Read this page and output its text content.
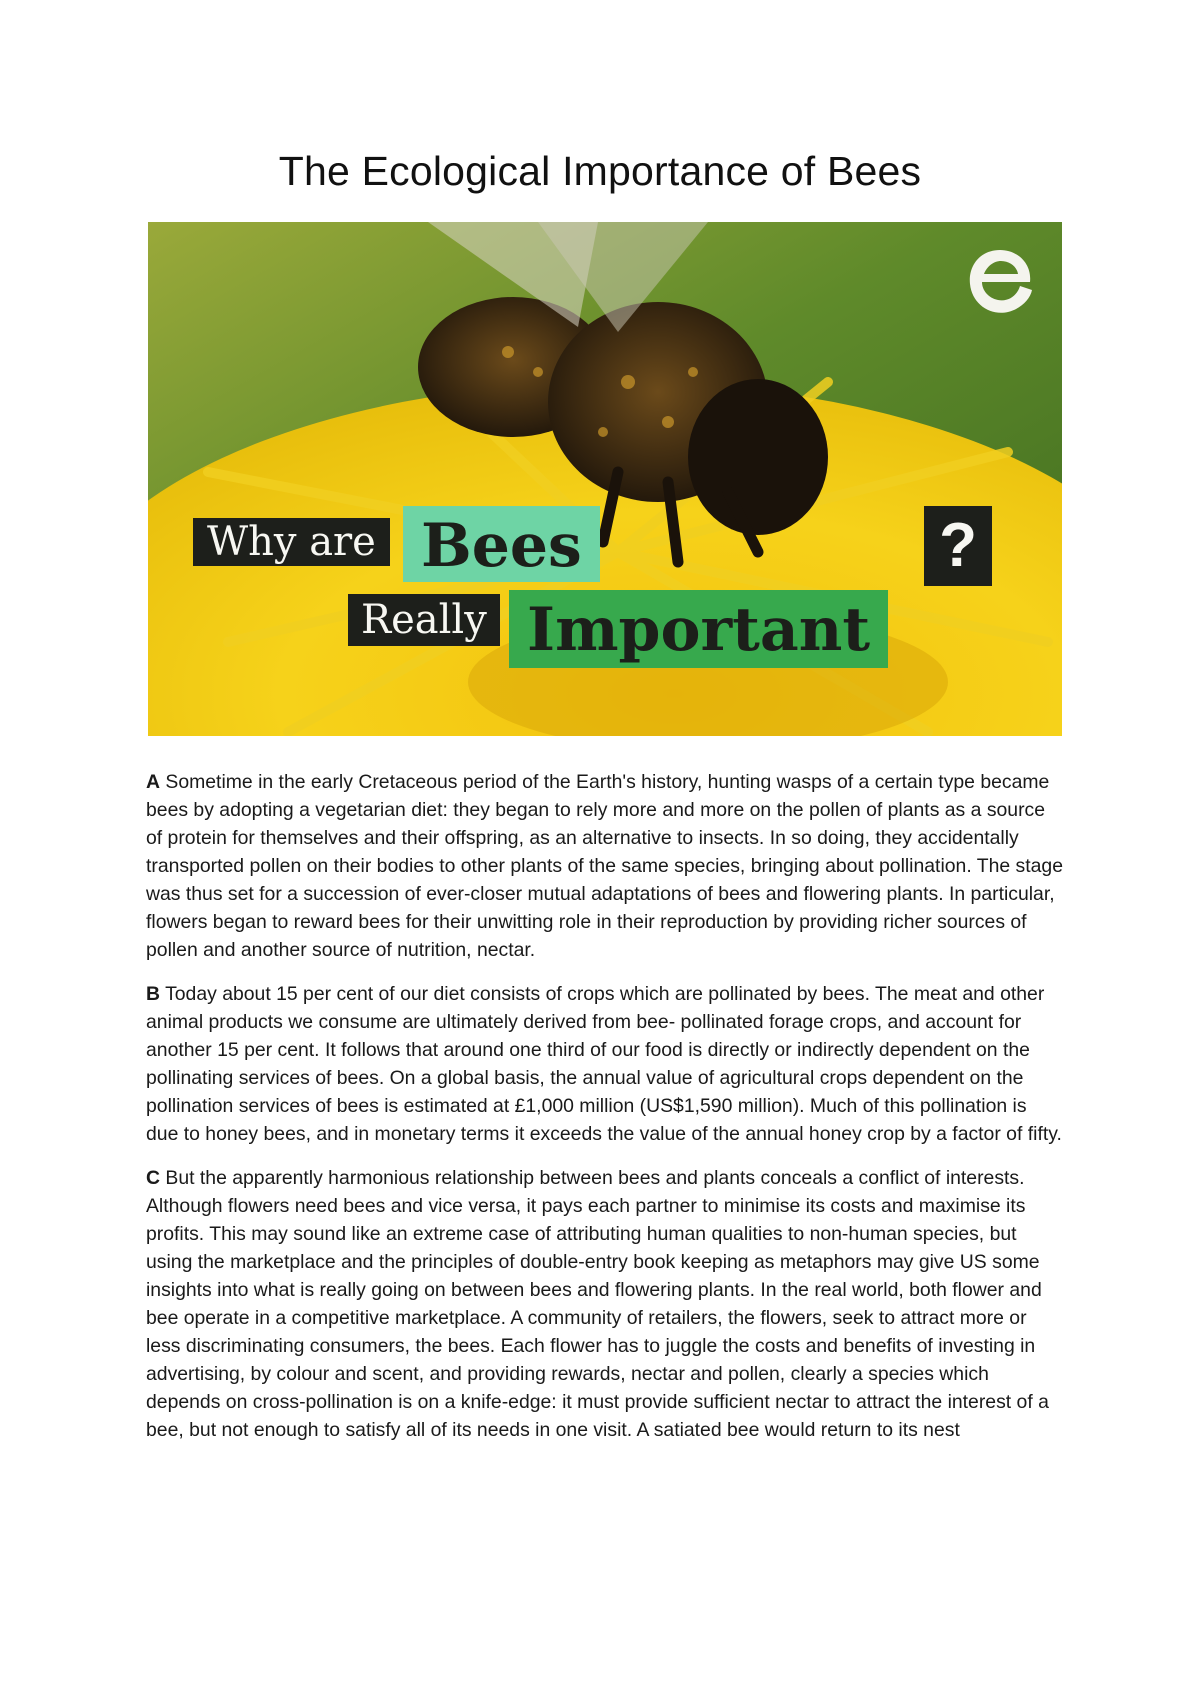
The Ecological Importance of Bees
Why are Bees
Really Important
?

A Sometime in the early Cretaceous period of the Earth's history, hunting wasps of a certain type became bees by adopting a vegetarian diet: they began to rely more and more on the pollen of plants as a source of protein for themselves and their offspring, as an alternative to insects. In so doing, they accidentally transported pollen on their bodies to other plants of the same species, bringing about pollination. The stage was thus set for a succession of ever-closer mutual adaptations of bees and flowering plants. In particular, flowers began to reward bees for their unwitting role in their reproduction by providing richer sources of pollen and another source of nutrition, nectar.

B Today about 15 per cent of our diet consists of crops which are pollinated by bees. The meat and other animal products we consume are ultimately derived from bee- pollinated forage crops, and account for another 15 per cent. It follows that around one third of our food is directly or indirectly dependent on the pollinating services of bees. On a global basis, the annual value of agricultural crops dependent on the pollination services of bees is estimated at £1,000 million (US$1,590 million). Much of this pollination is due to honey bees, and in monetary terms it exceeds the value of the annual honey crop by a factor of fifty.

C But the apparently harmonious relationship between bees and plants conceals a conflict of interests. Although flowers need bees and vice versa, it pays each partner to minimise its costs and maximise its profits. This may sound like an extreme case of attributing human qualities to non-human species, but using the marketplace and the principles of double-entry book keeping as metaphors may give US some insights into what is really going on between bees and flowering plants. In the real world, both flower and bee operate in a competitive marketplace. A community of retailers, the flowers, seek to attract more or less discriminating consumers, the bees. Each flower has to juggle the costs and benefits of investing in advertising, by colour and scent, and providing rewards, nectar and pollen, clearly a species which depends on cross-pollination is on a knife-edge: it must provide sufficient nectar to attract the interest of a bee, but not enough to satisfy all of its needs in one visit. A satiated bee would return to its nest
